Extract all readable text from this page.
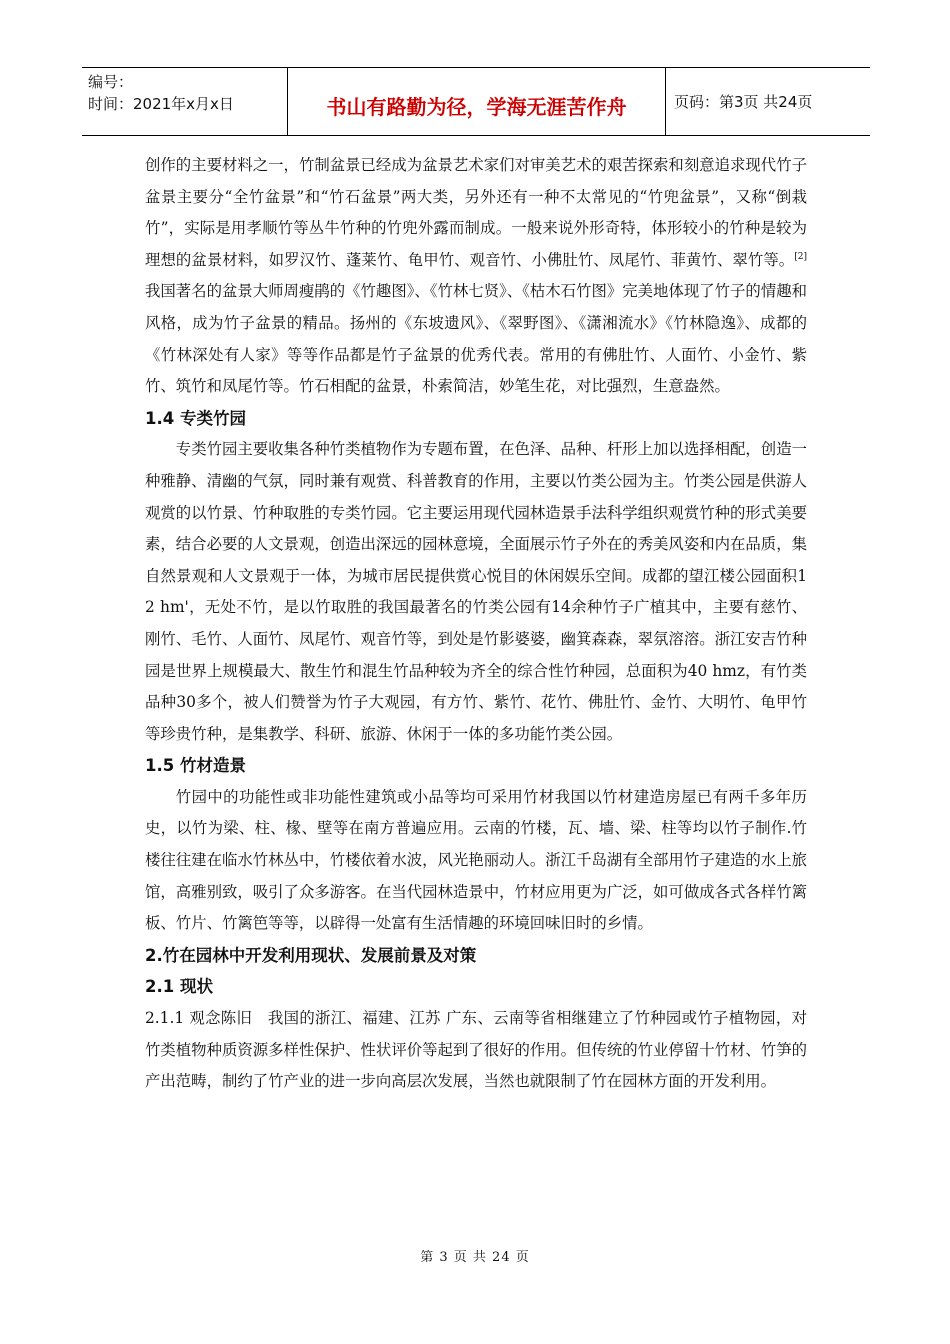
编号：
时间：2021年x月x日	书山有路勤为径，学海无涯苦作舟	页码：第3页 共24页

创作的主要材料之一，竹制盆景已经成为盆景艺术家们对审美艺术的艰苦探索和刻意追求现代竹子盆景主要分“全竹盆景”和“竹石盆景”两大类，另外还有一种不太常见的“竹兜盆景”，又称“倒栽竹”，实际是用孝顺竹等丛牛竹种的竹兜外露而制成。一般来说外形奇特，体形较小的竹种是较为理想的盆景材料，如罗汉竹、蓬莱竹、龟甲竹、观音竹、小佛肚竹、凤尾竹、菲黄竹、翠竹等。[2]我国著名的盆景大师周瘦鹃的《竹趣图》、《竹林七贤》、《枯木石竹图》完美地体现了竹子的情趣和风格，成为竹子盆景的精品。扬州的《东坡遗风》、《翠野图》、《潇湘流水》《竹林隐逸》、成都的《竹林深处有人家》等等作品都是竹子盆景的优秀代表。常用的有佛肚竹、人面竹、小金竹、紫竹、筑竹和凤尾竹等。竹石相配的盆景，朴索简洁，妙笔生花，对比强烈，生意盎然。

1.4 专类竹园

专类竹园主要收集各种竹类植物作为专题布置，在色泽、品种、杆形上加以选择相配，创造一种雅静、清幽的气氛，同时兼有观赏、科普教育的作用，主要以竹类公园为主。竹类公园是供游人观赏的以竹景、竹种取胜的专类竹园。它主要运用现代园林造景手法科学组织观赏竹种的形式美要素，结合必要的人文景观，创造出深远的园林意境，全面展示竹子外在的秀美风姿和内在品质，集自然景观和人文景观于一体，为城市居民提供赏心悦目的休闲娱乐空间。成都的望江楼公园面积12 hm'，无处不竹，是以竹取胜的我国最著名的竹类公园有14余种竹子广植其中，主要有慈竹、刚竹、毛竹、人面竹、凤尾竹、观音竹等，到处是竹影婆婆，幽箕森森，翠氛溶溶。浙江安吉竹种园是世界上规模最大、散生竹和混生竹品种较为齐全的综合性竹种园，总面积为40 hmz，有竹类品种30多个，被人们赞誉为竹子大观园，有方竹、紫竹、花竹、佛肚竹、金竹、大明竹、龟甲竹等珍贵竹种，是集教学、科研、旅游、休闲于一体的多功能竹类公园。

1.5 竹材造景

竹园中的功能性或非功能性建筑或小品等均可采用竹材我国以竹材建造房屋已有两千多年历史，以竹为梁、柱、椽、壁等在南方普遍应用。云南的竹楼，瓦、墙、梁、柱等均以竹子制作.竹楼往往建在临水竹林丛中，竹楼依着水波，风光艳丽动人。浙江千岛湖有全部用竹子建造的水上旅馆，高雅别致，吸引了众多游客。在当代园林造景中，竹材应用更为广泛，如可做成各式各样竹篱板、竹片、竹篱笆等等，以辟得一处富有生活情趣的环境回味旧时的乡情。

2.竹在园林中开发利用现状、发展前景及对策

2.1 现状

2.1.1 观念陈旧　我国的浙江、福建、江苏 广东、云南等省相继建立了竹种园或竹子植物园，对竹类植物种质资源多样性保护、性状评价等起到了很好的作用。但传统的竹业停留十竹材、竹笋的产出范畴，制约了竹产业的进一步向高层次发展，当然也就限制了竹在园林方面的开发利用。

第 3 页 共 24 页
